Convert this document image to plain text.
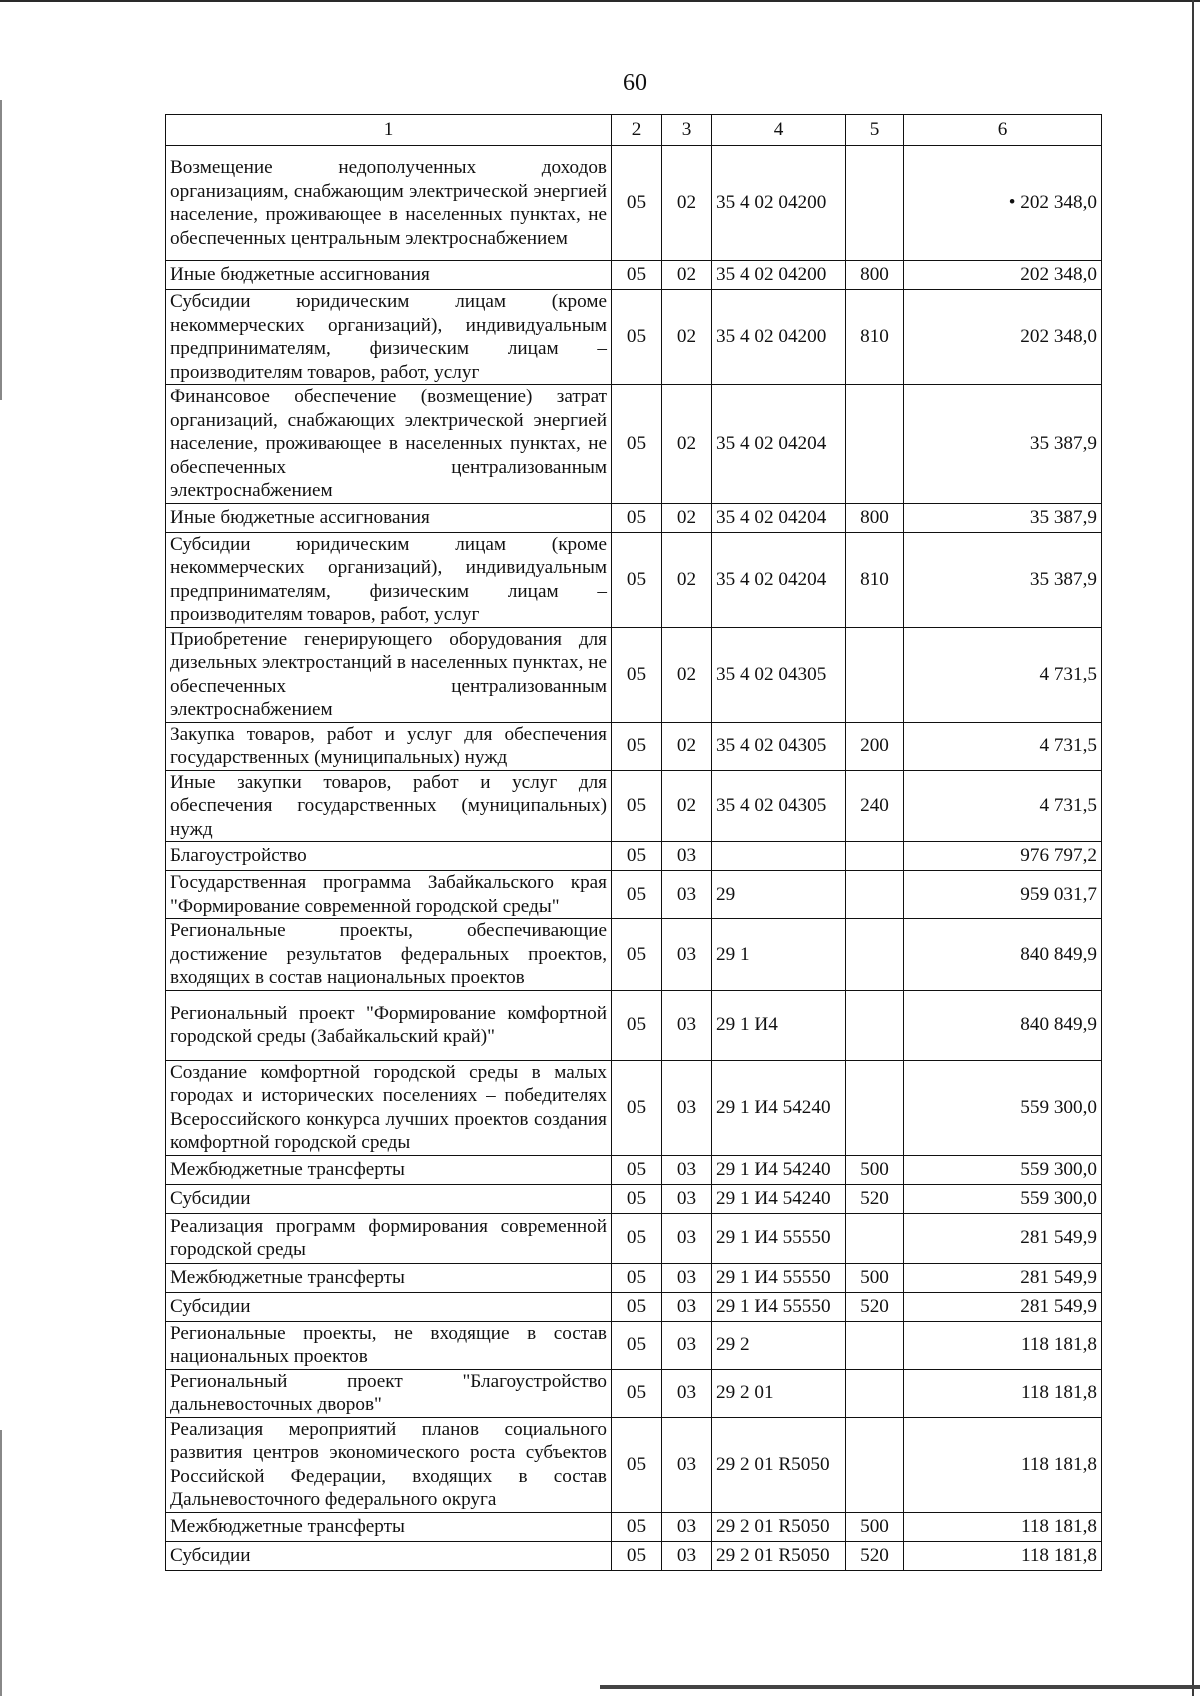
60
1	2	3	4	5	6
Возмещение недополученных доходов организациям, снабжающим электрической энергией население, проживающее в населенных пунктах, не обеспеченных центральным электроснабжением	05	02	35 4 02 04200		• 202 348,0
Иные бюджетные ассигнования	05	02	35 4 02 04200	800	202 348,0
Субсидии юридическим лицам (кроме некоммерческих организаций), индивидуальным предпринимателям, физическим лицам – производителям товаров, работ, услуг	05	02	35 4 02 04200	810	202 348,0
Финансовое обеспечение (возмещение) затрат организаций, снабжающих электрической энергией население, проживающее в населенных пунктах, не обеспеченных централизованным электроснабжением	05	02	35 4 02 04204		35 387,9
Иные бюджетные ассигнования	05	02	35 4 02 04204	800	35 387,9
Субсидии юридическим лицам (кроме некоммерческих организаций), индивидуальным предпринимателям, физическим лицам – производителям товаров, работ, услуг	05	02	35 4 02 04204	810	35 387,9
Приобретение генерирующего оборудования для дизельных электростанций в населенных пунктах, не обеспеченных централизованным электроснабжением	05	02	35 4 02 04305		4 731,5
Закупка товаров, работ и услуг для обеспечения государственных (муниципальных) нужд	05	02	35 4 02 04305	200	4 731,5
Иные закупки товаров, работ и услуг для обеспечения государственных (муниципальных) нужд	05	02	35 4 02 04305	240	4 731,5
Благоустройство	05	03			976 797,2
Государственная программа Забайкальского края "Формирование современной городской среды"	05	03	29		959 031,7
Региональные проекты, обеспечивающие достижение результатов федеральных проектов, входящих в состав национальных проектов	05	03	29 1		840 849,9
Региональный проект "Формирование комфортной городской среды (Забайкальский край)"	05	03	29 1 И4		840 849,9
Создание комфортной городской среды в малых городах и исторических поселениях – победителях Всероссийского конкурса лучших проектов создания комфортной городской среды	05	03	29 1 И4 54240		559 300,0
Межбюджетные трансферты	05	03	29 1 И4 54240	500	559 300,0
Субсидии	05	03	29 1 И4 54240	520	559 300,0
Реализация программ формирования современной городской среды	05	03	29 1 И4 55550		281 549,9
Межбюджетные трансферты	05	03	29 1 И4 55550	500	281 549,9
Субсидии	05	03	29 1 И4 55550	520	281 549,9
Региональные проекты, не входящие в состав национальных проектов	05	03	29 2		118 181,8
Региональный проект "Благоустройство дальневосточных дворов"	05	03	29 2 01		118 181,8
Реализация мероприятий планов социального развития центров экономического роста субъектов Российской Федерации, входящих в состав Дальневосточного федерального округа	05	03	29 2 01 R5050		118 181,8
Межбюджетные трансферты	05	03	29 2 01 R5050	500	118 181,8
Субсидии	05	03	29 2 01 R5050	520	118 181,8
